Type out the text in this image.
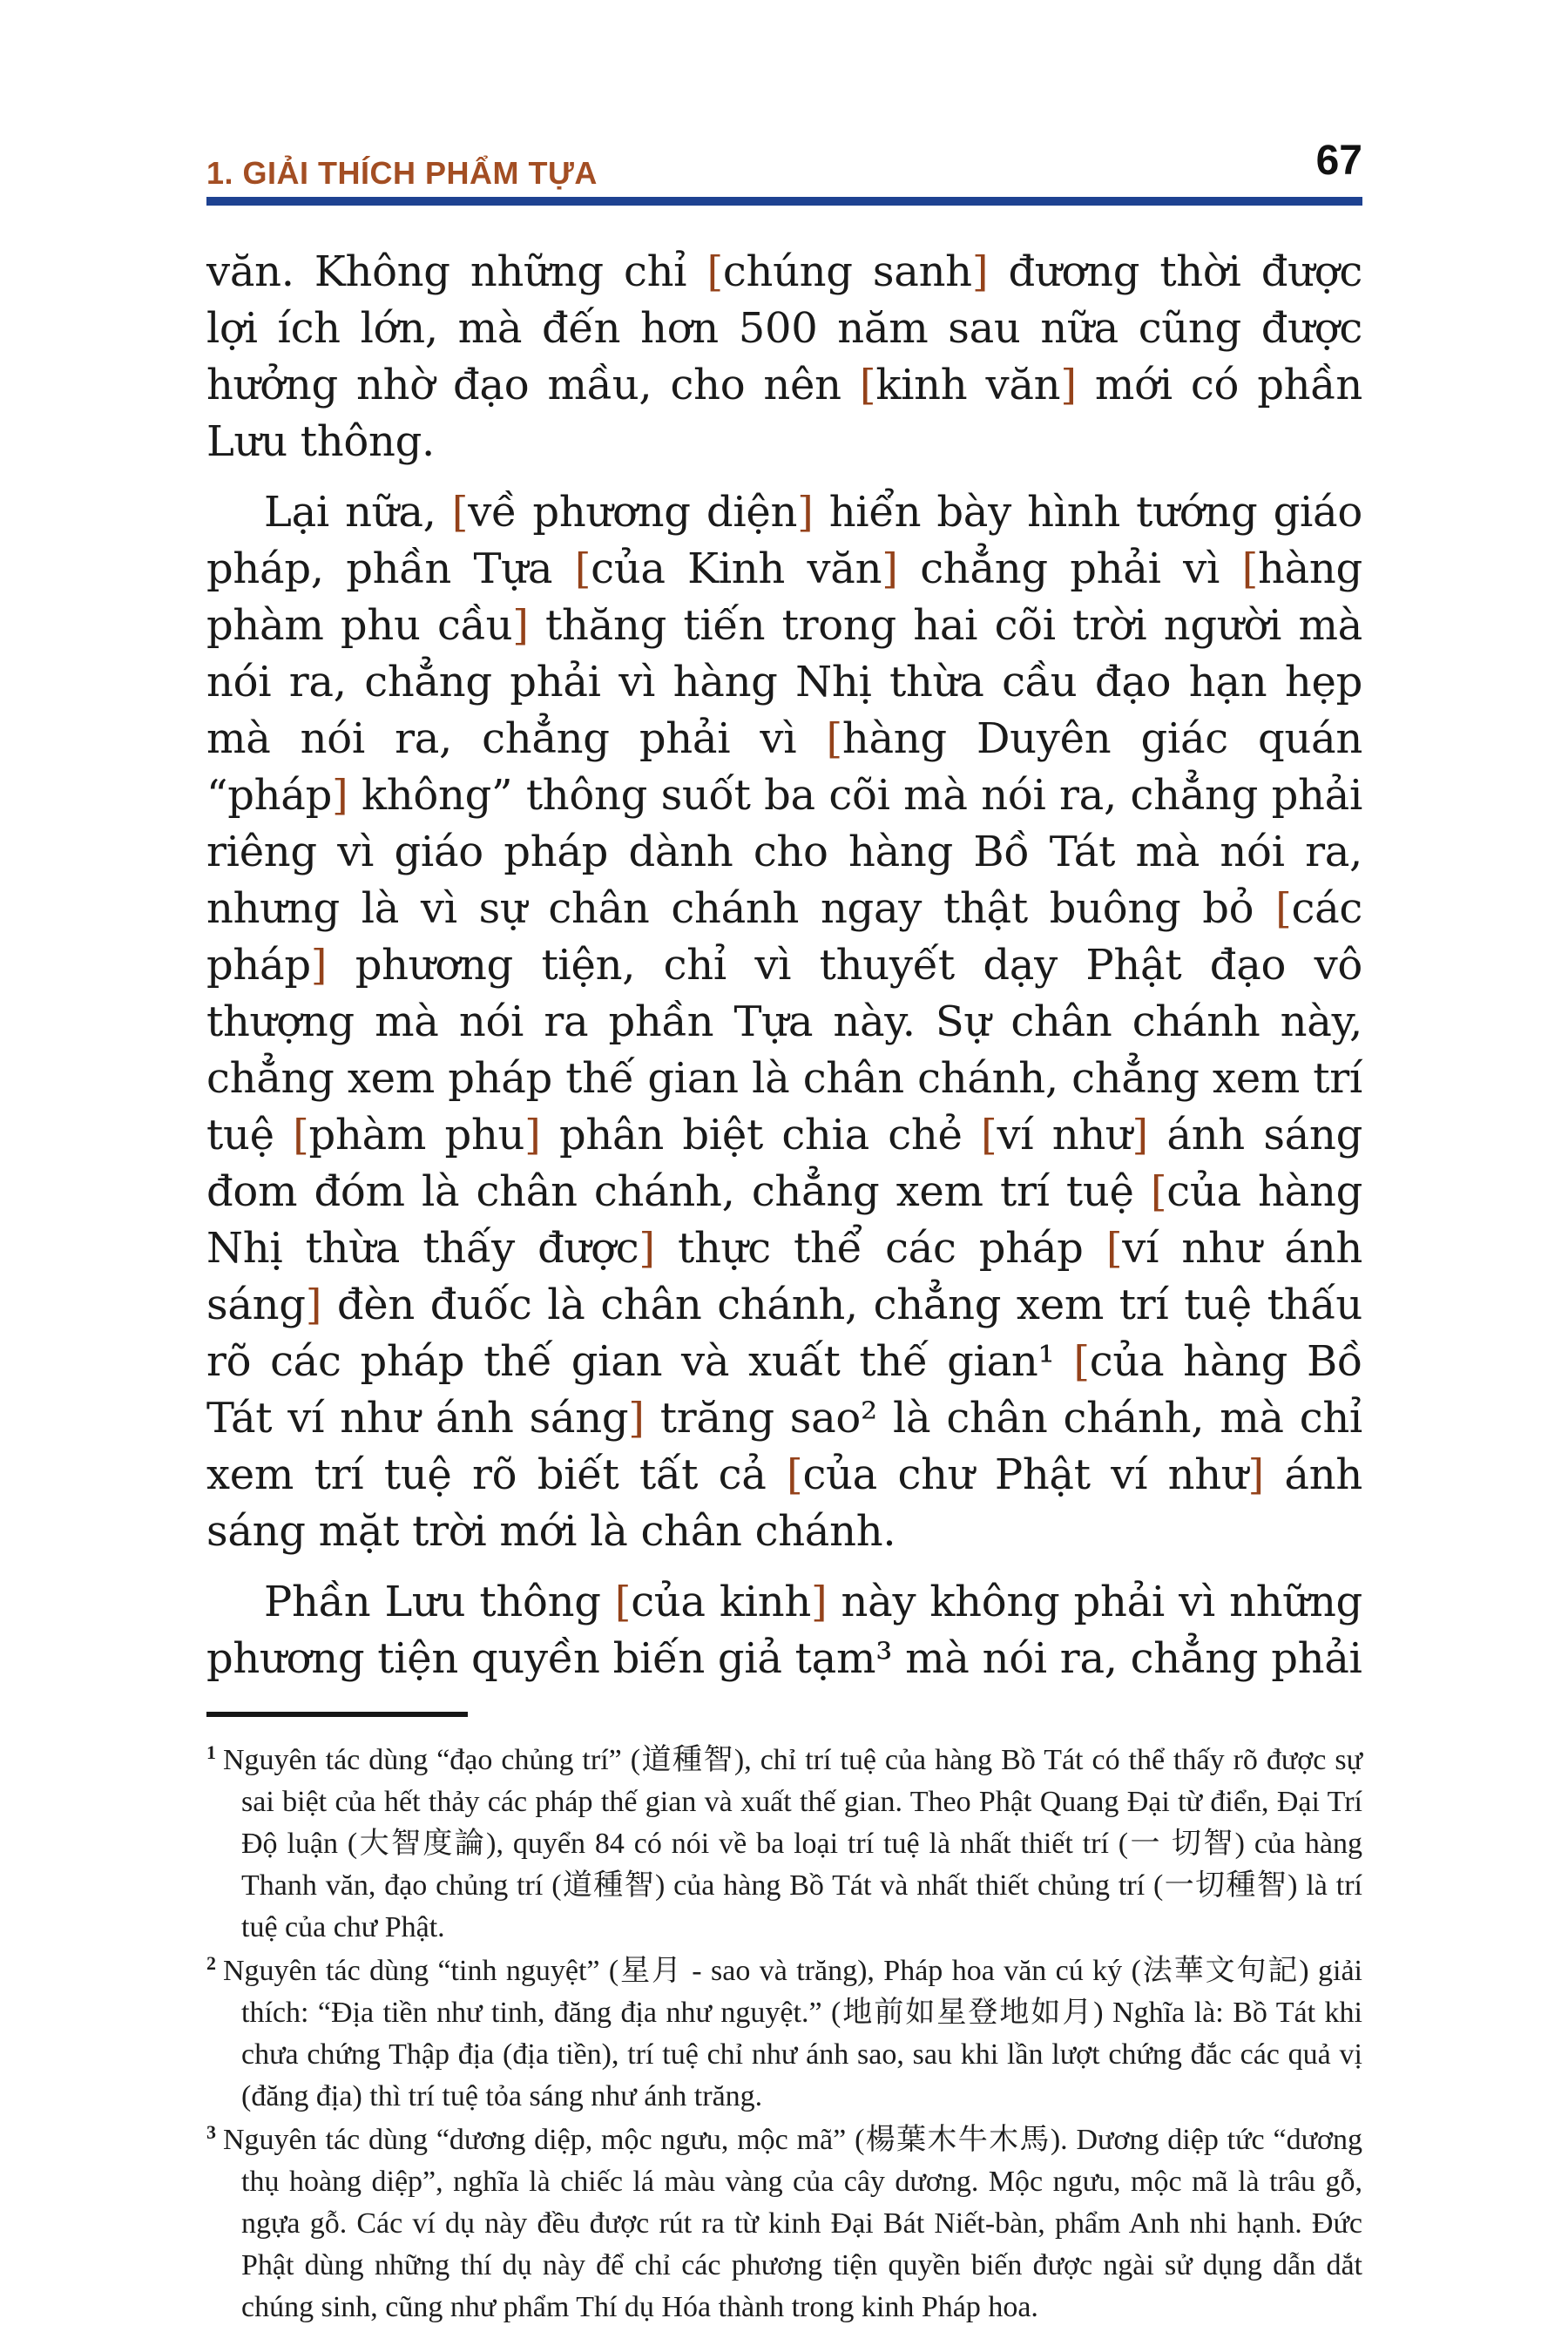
1. GIẢI THÍCH PHẨM TỰA	67

văn. Không những chỉ [chúng sanh] đương thời được lợi ích lớn, mà đến hơn 500 năm sau nữa cũng được hưởng nhờ đạo mầu, cho nên [kinh văn] mới có phần Lưu thông.

Lại nữa, [về phương diện] hiển bày hình tướng giáo pháp, phần Tựa [của Kinh văn] chẳng phải vì [hàng phàm phu cầu] thăng tiến trong hai cõi trời người mà nói ra, chẳng phải vì hàng Nhị thừa cầu đạo hạn hẹp mà nói ra, chẳng phải vì [hàng Duyên giác quán “pháp] không” thông suốt ba cõi mà nói ra, chẳng phải riêng vì giáo pháp dành cho hàng Bồ Tát mà nói ra, nhưng là vì sự chân chánh ngay thật buông bỏ [các pháp] phương tiện, chỉ vì thuyết dạy Phật đạo vô thượng mà nói ra phần Tựa này. Sự chân chánh này, chẳng xem pháp thế gian là chân chánh, chẳng xem trí tuệ [phàm phu] phân biệt chia chẻ [ví như] ánh sáng đom đóm là chân chánh, chẳng xem trí tuệ [của hàng Nhị thừa thấy được] thực thể các pháp [ví như ánh sáng] đèn đuốc là chân chánh, chẳng xem trí tuệ thấu rõ các pháp thế gian và xuất thế gian¹ [của hàng Bồ Tát ví như ánh sáng] trăng sao² là chân chánh, mà chỉ xem trí tuệ rõ biết tất cả [của chư Phật ví như] ánh sáng mặt trời mới là chân chánh.

Phần Lưu thông [của kinh] này không phải vì những phương tiện quyền biến giả tạm³ mà nói ra, chẳng phải

$^1$ Nguyên tác dùng “đạo chủng trí” (道種智), chỉ trí tuệ của hàng Bồ Tát có thể thấy rõ được sự sai biệt của hết thảy các pháp thế gian và xuất thế gian. Theo Phật Quang Đại từ điển, Đại Trí Độ luận (大智度論), quyển 84 có nói về ba loại trí tuệ là nhất thiết trí (一 切智) của hàng Thanh văn, đạo chủng trí (道種智) của hàng Bồ Tát và nhất thiết chủng trí (一切種智) là trí tuệ của chư Phật.
$^2$ Nguyên tác dùng “tinh nguyệt” (星月 - sao và trăng), Pháp hoa văn cú ký (法華文句記) giải thích: “Địa tiền như tinh, đăng địa như nguyệt.” (地前如星登地如月) Nghĩa là: Bồ Tát khi chưa chứng Thập địa (địa tiền), trí tuệ chỉ như ánh sao, sau khi lần lượt chứng đắc các quả vị (đăng địa) thì trí tuệ tỏa sáng như ánh trăng.
$^3$ Nguyên tác dùng “dương diệp, mộc ngưu, mộc mã” (楊葉木牛木馬). Dương diệp tức “dương thụ hoàng diệp”, nghĩa là chiếc lá màu vàng của cây dương. Mộc ngưu, mộc mã là trâu gỗ, ngựa gỗ. Các ví dụ này đều được rút ra từ kinh Đại Bát Niết-bàn, phẩm Anh nhi hạnh. Đức Phật dùng những thí dụ này để chỉ các phương tiện quyền biến được ngài sử dụng dẫn dắt chúng sinh, cũng như phẩm Thí dụ Hóa thành trong kinh Pháp hoa.
